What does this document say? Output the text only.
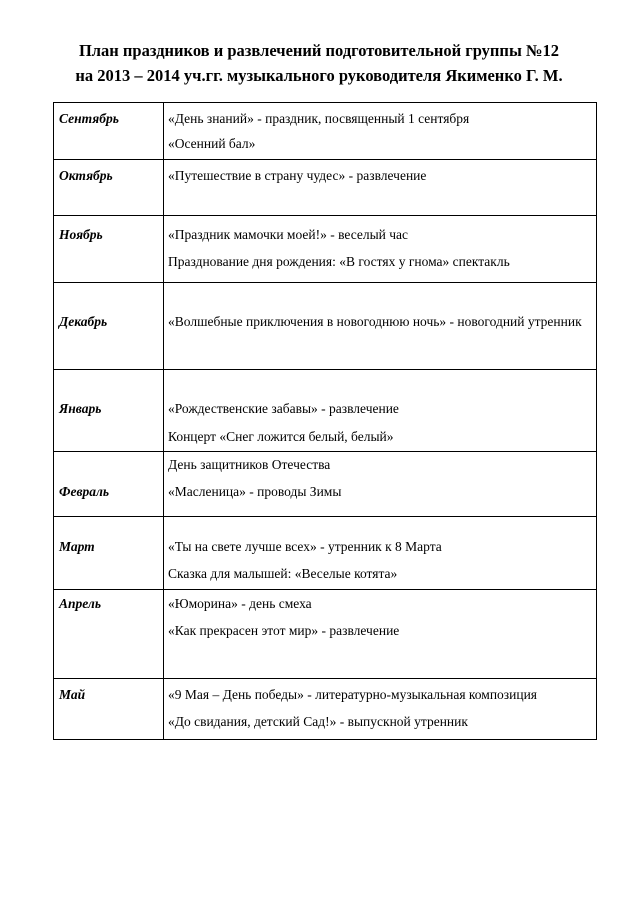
План праздников и развлечений подготовительной группы №12
на 2013 – 2014 уч.гг. музыкального руководителя Якименко Г. М.
Сентябрь	«День знаний» - праздник, посвященный 1 сентября
«Осенний бал»

Октябрь	«Путешествие в страну чудес» - развлечение

Ноябрь	«Праздник мамочки моей!» - веселый час
Празднование дня рождения: «В гостях у гнома» спектакль

Декабрь	«Волшебные приключения в новогоднюю ночь» - новогодний утренник

Январь	«Рождественские забавы» - развлечение
Концерт «Снег ложится белый, белый»

Февраль	День защитников Отечества
«Масленица» - проводы Зимы

Март	«Ты на свете лучше всех» - утренник к 8 Марта
Сказка для малышей: «Веселые котята»

Апрель	«Юморина» - день смеха
«Как прекрасен этот мир» - развлечение

Май	«9 Мая – День победы» - литературно-музыкальная композиция
«До свидания, детский Сад!» - выпускной утренник
